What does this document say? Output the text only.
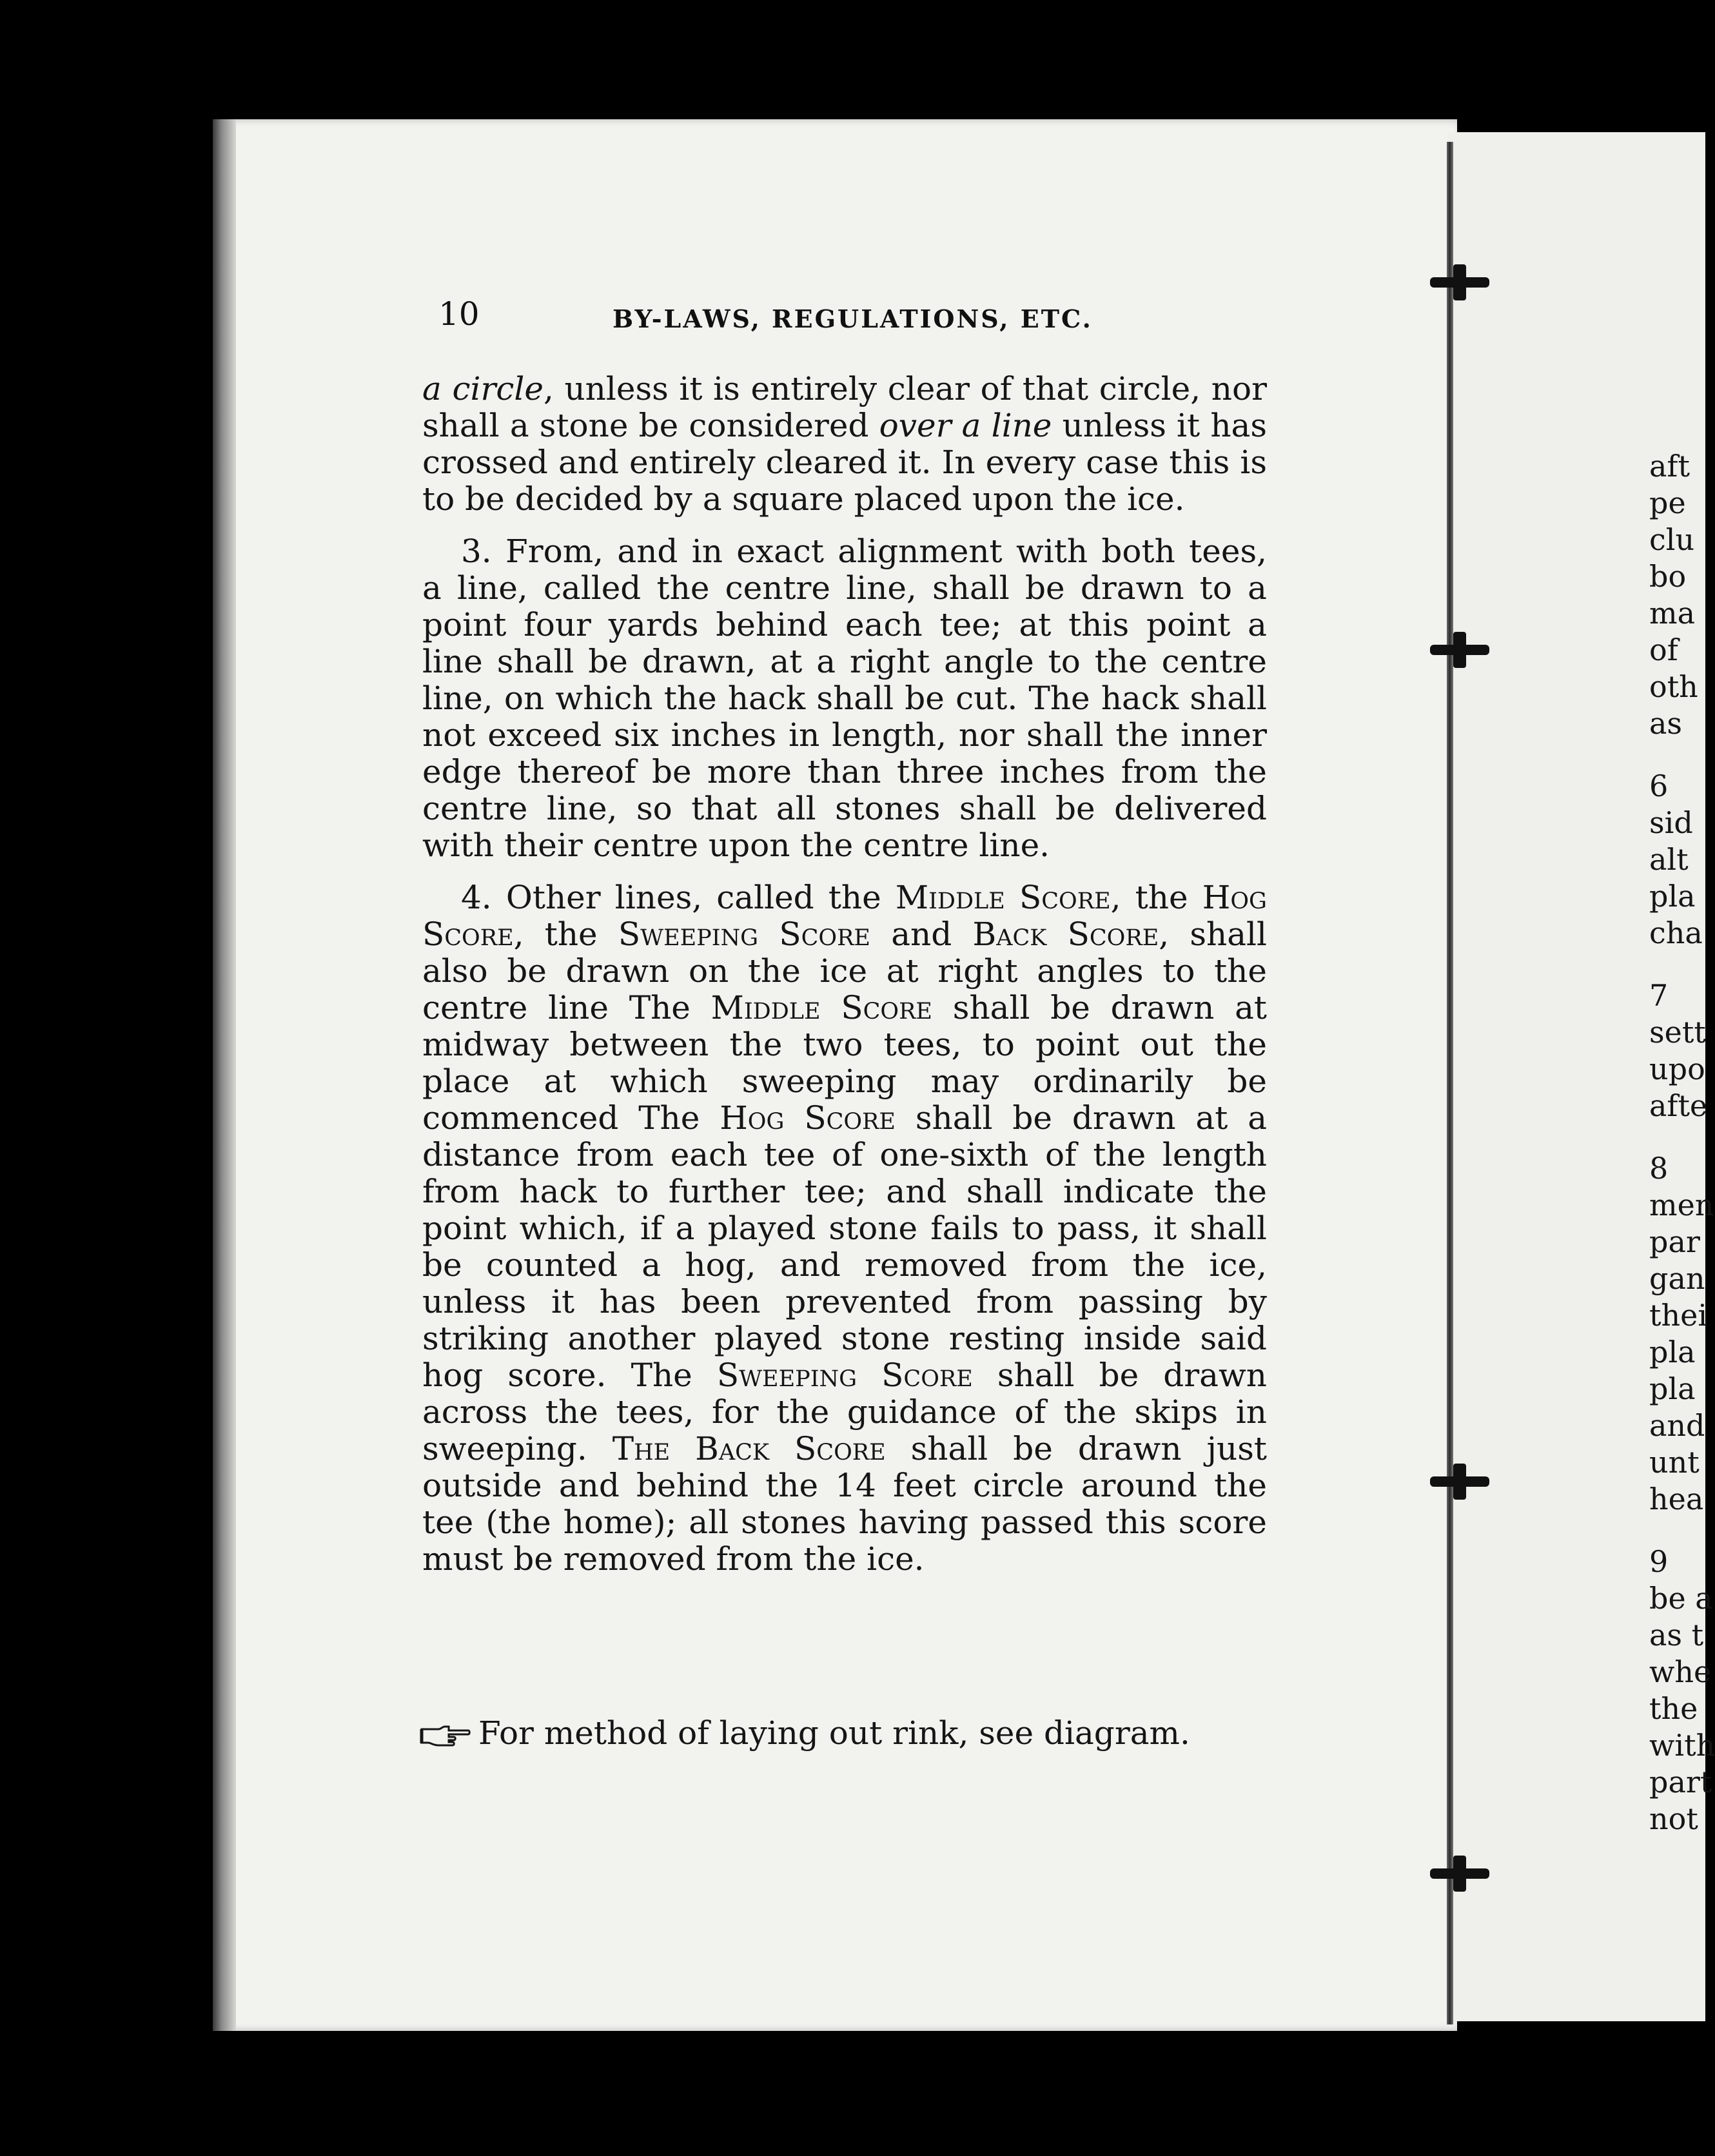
10	BY-LAWS, REGULATIONS, ETC.

a circle, unless it is entirely clear of that circle, nor shall a stone be considered over a line unless it has crossed and entirely cleared it. In every case this is to be decided by a square placed upon the ice.

3. From, and in exact alignment with both tees, a line, called the centre line, shall be drawn to a point four yards behind each tee; at this point a line shall be drawn, at a right angle to the centre line, on which the hack shall be cut. The hack shall not exceed six inches in length, nor shall the inner edge thereof be more than three inches from the centre line, so that all stones shall be delivered with their centre upon the centre line.

4. Other lines, called the Middle Score, the Hog Score, the Sweeping Score and Back Score, shall also be drawn on the ice at right angles to the centre line The Middle Score shall be drawn at midway between the two tees, to point out the place at which sweeping may ordinarily be commenced The Hog Score shall be drawn at a distance from each tee of one-sixth of the length from hack to further tee; and shall indicate the point which, if a played stone fails to pass, it shall be counted a hog, and removed from the ice, unless it has been prevented from passing by striking another played stone resting inside said hog score. The Sweeping Score shall be drawn across the tees, for the guidance of the skips in sweeping. The Back Score shall be drawn just outside and behind the 14 feet circle around the tee (the home); all stones having passed this score must be removed from the ice.

For method of laying out rink, see diagram.
aft
pe
clu
bo
ma
of
oth
as
6
sid
alt
pla
cha
7
sett
upo
afte
8
men
par
gan
thei
pla
pla
and
unt
hea
9
be a
as t
whe
the
with
part
not
